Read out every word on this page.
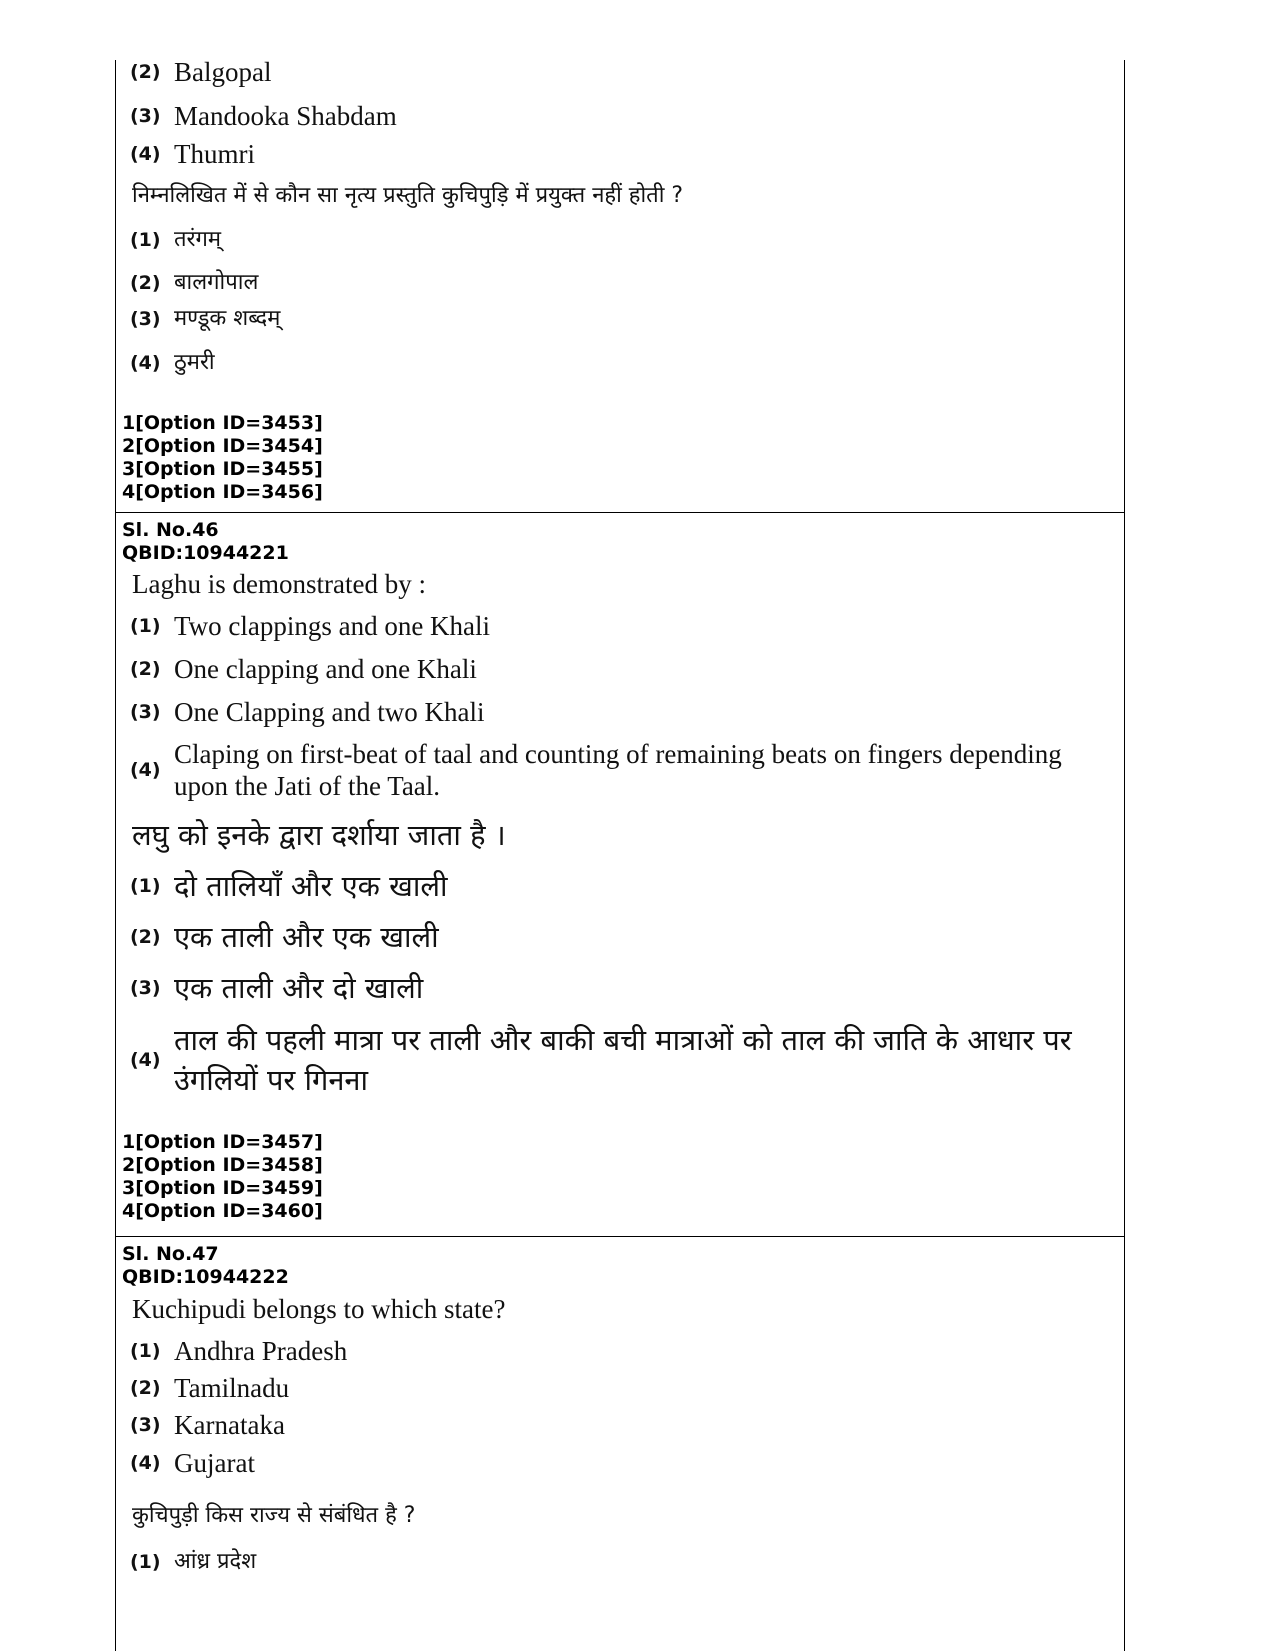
(2) Balgopal
(3) Mandooka Shabdam
(4) Thumri
निम्नलिखित में से कौन सा नृत्य प्रस्तुति कुचिपुड़ि में प्रयुक्त नहीं होती ?
(1) तरंगम्
(2) बालगोपाल
(3) मण्डूक शब्दम्
(4) ठुमरी
1[Option ID=3453]
2[Option ID=3454]
3[Option ID=3455]
4[Option ID=3456]
Sl. No.46
QBID:10944221
Laghu is demonstrated by :
(1) Two clappings and one Khali
(2) One clapping and one Khali
(3) One Clapping and two Khali
(4)
Claping on first-beat of taal and counting of remaining beats on fingers depending upon the Jati of the Taal.
लघु को इनके द्वारा दर्शाया जाता है ।
(1) दो तालियाँ और एक खाली
(2) एक ताली और एक खाली
(3) एक ताली और दो खाली
(4)
ताल की पहली मात्रा पर ताली और बाकी बची मात्राओं को ताल की जाति के आधार पर उंगलियों पर गिनना
1[Option ID=3457]
2[Option ID=3458]
3[Option ID=3459]
4[Option ID=3460]
Sl. No.47
QBID:10944222
Kuchipudi belongs to which state?
(1) Andhra Pradesh
(2) Tamilnadu
(3) Karnataka
(4) Gujarat
कुचिपुड़ी किस राज्य से संबंधित है ?
(1) आंध्र प्रदेश
